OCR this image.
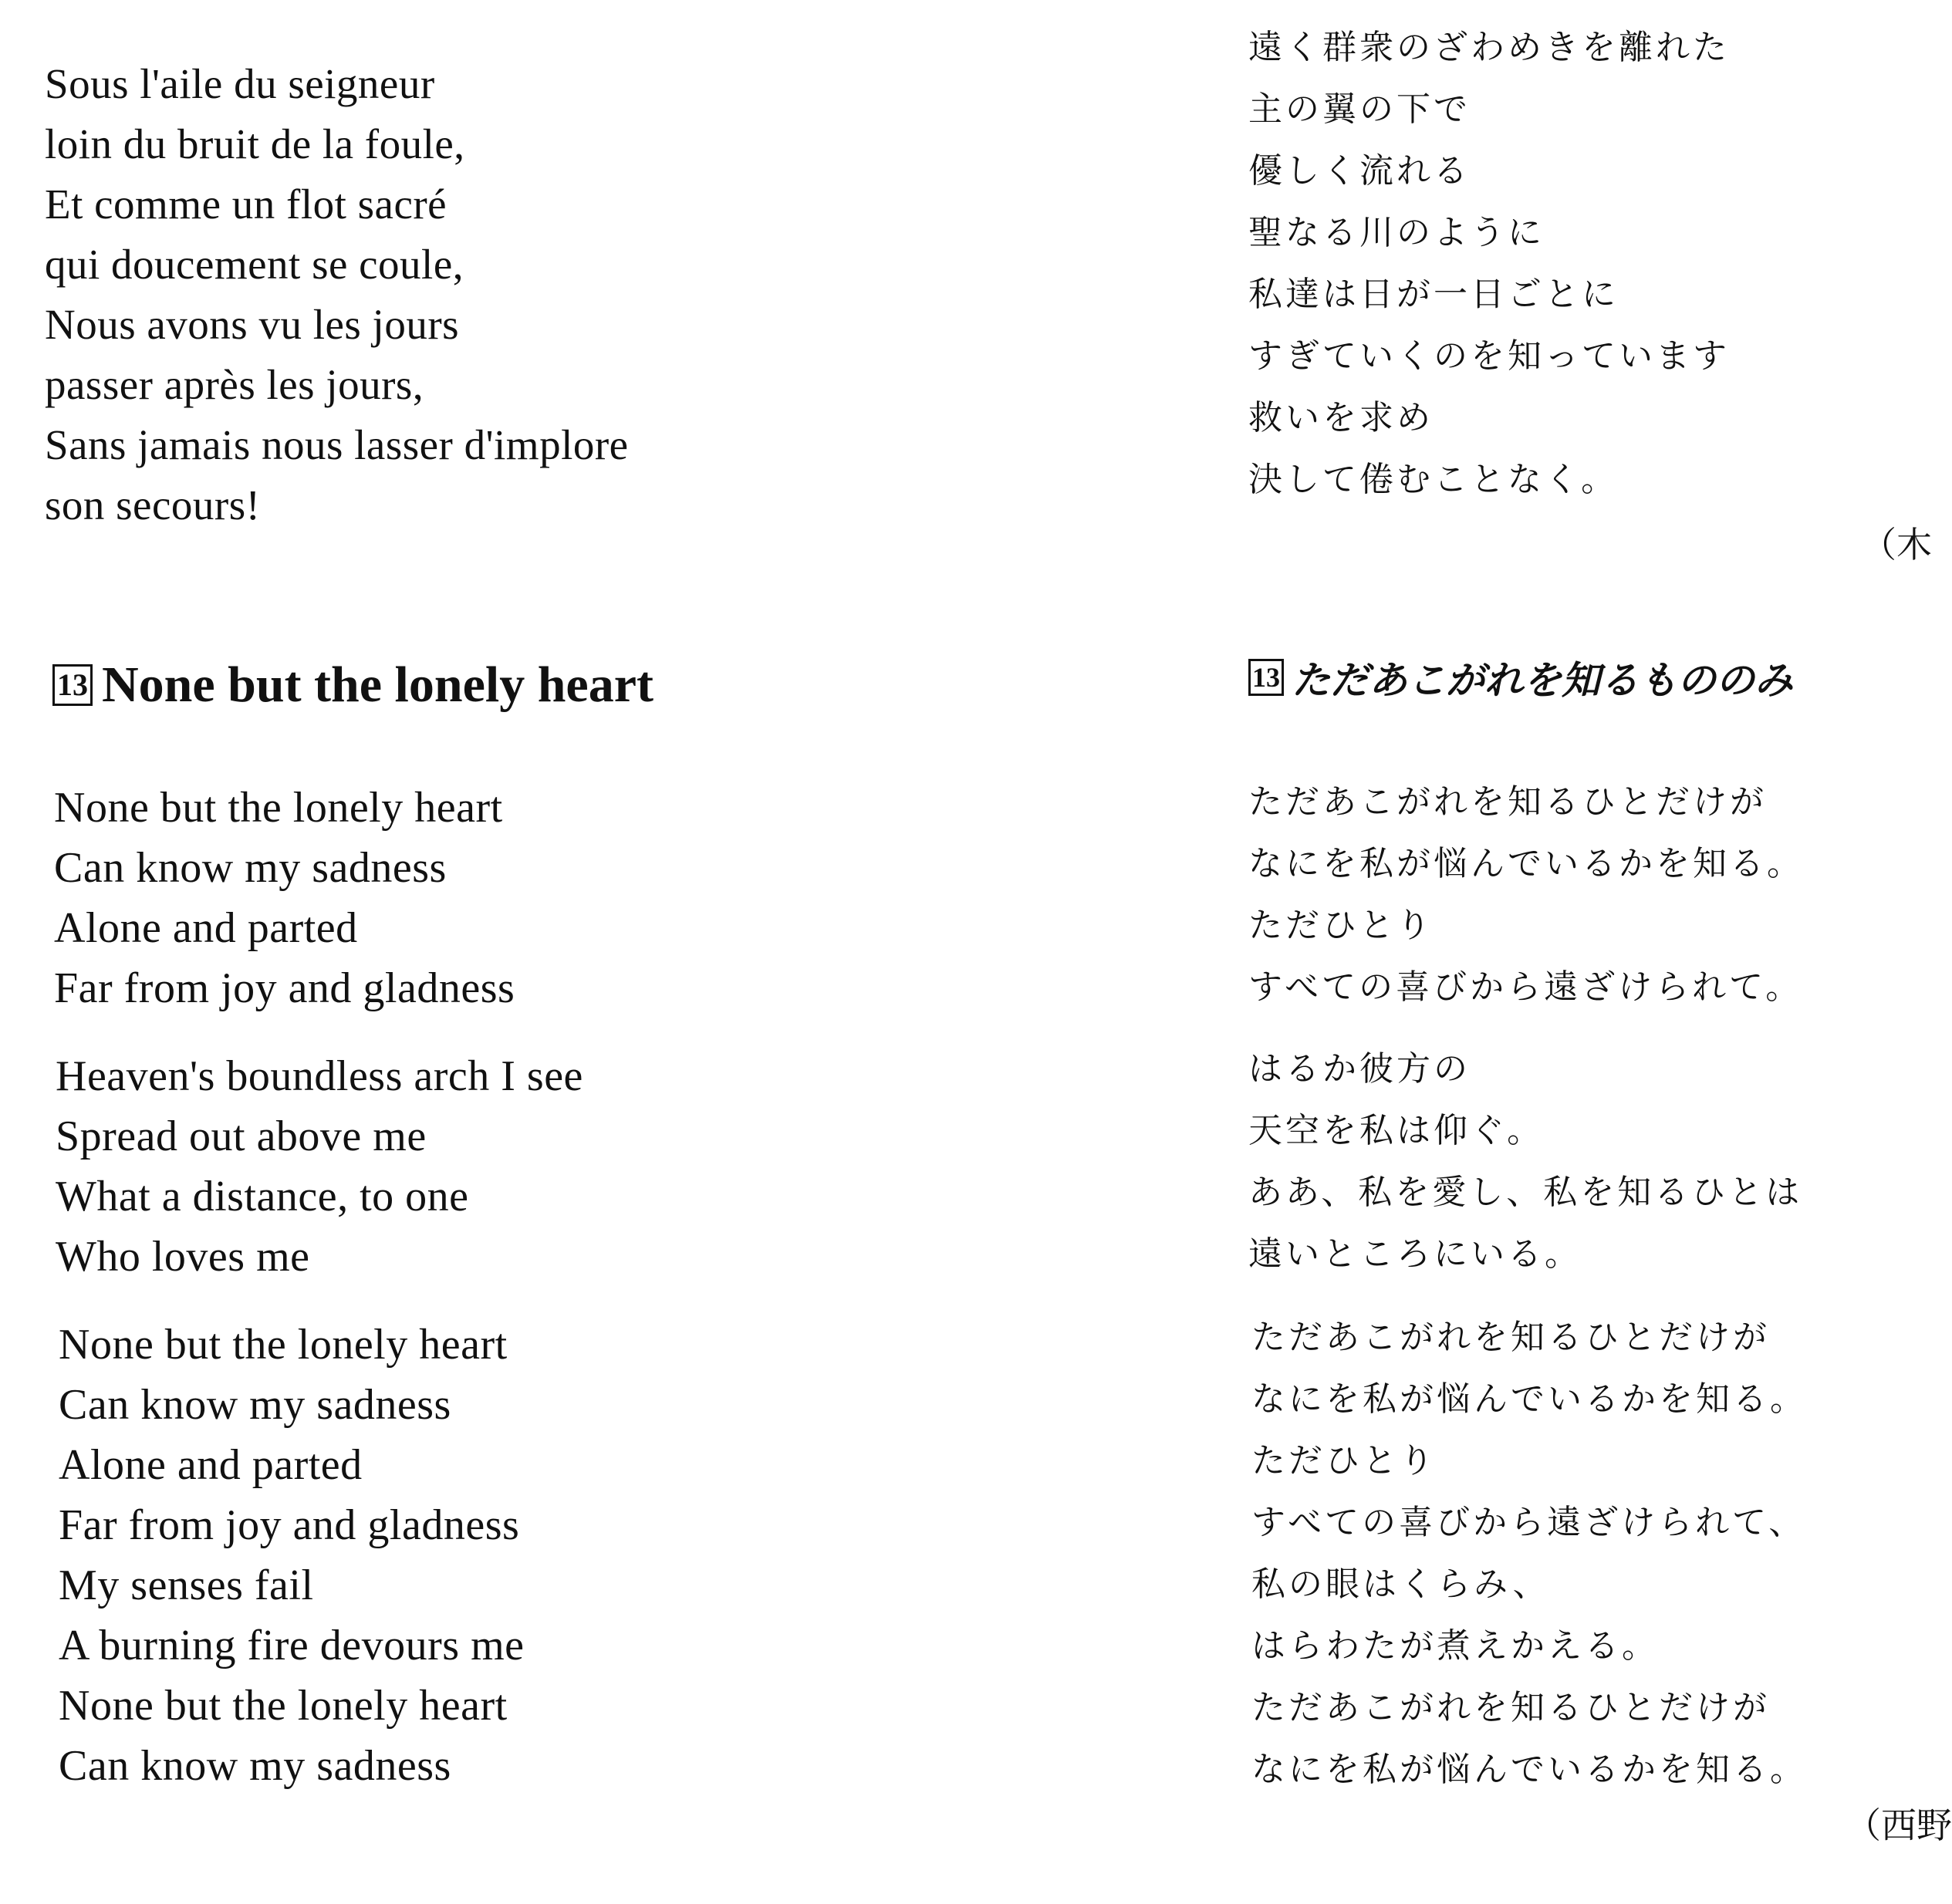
Sous l'aile du seigneur
loin du bruit de la foule,
Et comme un flot sacré
qui doucement se coule,
Nous avons vu les jours
passer après les jours,
Sans jamais nous lasser d'implore
son secours!
13 None but the lonely heart
None but the lonely heart
Can know my sadness
Alone and parted
Far from joy and gladness
Heaven's boundless arch I see
Spread out above me
What a distance, to one
Who loves me
None but the lonely heart
Can know my sadness
Alone and parted
Far from joy and gladness
My senses fail
A burning fire devours me
None but the lonely heart
Can know my sadness
遠く群衆のざわめきを離れた
主の翼の下で
優しく流れる
聖なる川のように
私達は日が一日ごとに
すぎていくのを知っています
救いを求め
決して倦むことなく。
（木
13 ただあこがれを知るもののみ
ただあこがれを知るひとだけが
なにを私が悩んでいるかを知る。
ただひとり
すべての喜びから遠ざけられて。
はるか彼方の
天空を私は仰ぐ。
ああ、私を愛し、私を知るひとは
遠いところにいる。
ただあこがれを知るひとだけが
なにを私が悩んでいるかを知る。
ただひとり
すべての喜びから遠ざけられて、
私の眼はくらみ、
はらわたが煮えかえる。
ただあこがれを知るひとだけが
なにを私が悩んでいるかを知る。
（西野
